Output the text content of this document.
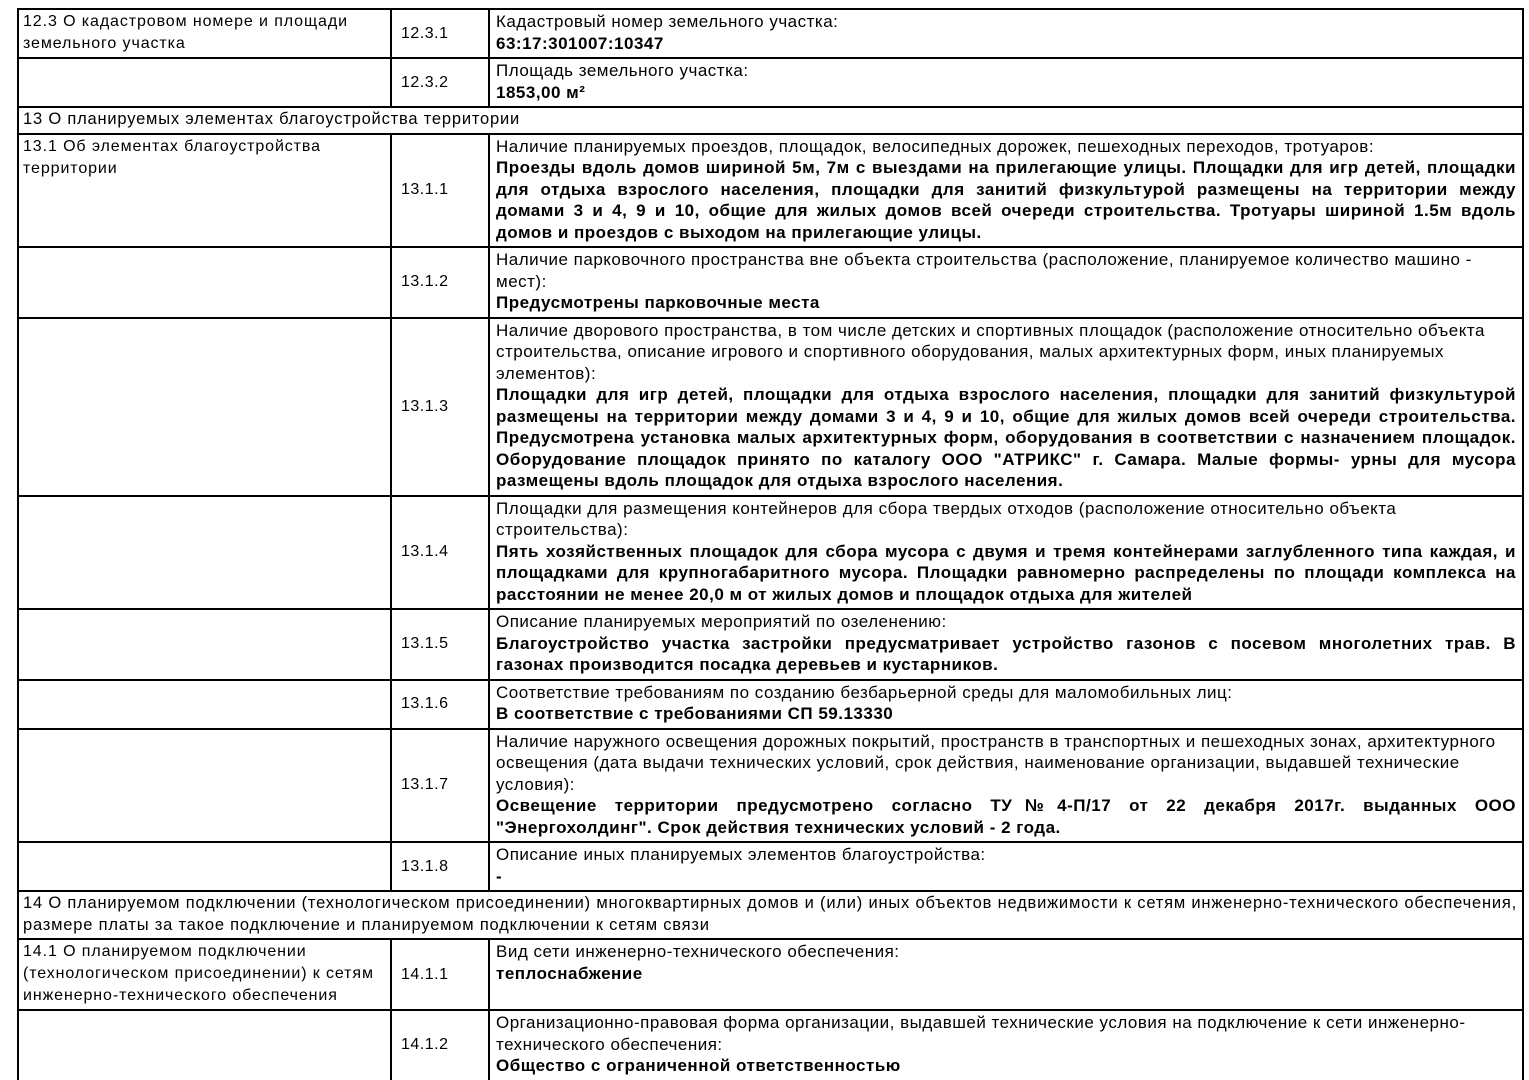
12.3 О кадастровом номере и площади земельного участка	12.3.1	Кадастровый номер земельного участка:
63:17:301007:10347

	12.3.2	Площадь земельного участка:
1853,00 м²

13 О планируемых элементах благоустройства территории		
13.1 Об элементах благоустройства территории	13.1.1	Наличие планируемых проездов, площадок, велосипедных дорожек, пешеходных переходов, тротуаров:
Проезды вдоль домов шириной 5м, 7м с выездами на прилегающие улицы. Площадки для игр детей, площадки для отдыха взрослого населения, площадки для занитий физкультурой размещены на территории между домами 3 и 4, 9 и 10, общие для жилых домов всей очереди строительства. Тротуары шириной 1.5м вдоль домов и проездов с выходом на прилегающие улицы.

	13.1.2	Наличие парковочного пространства вне объекта строительства (расположение, планируемое количество машино - мест):
Предусмотрены парковочные места

	13.1.3	Наличие дворового пространства, в том числе детских и спортивных площадок (расположение относительно объекта строительства, описание игрового и спортивного оборудования, малых архитектурных форм, иных планируемых элементов):
Площадки для игр детей, площадки для отдыха взрослого населения, площадки для занитий физкультурой размещены на территории между домами 3 и 4, 9 и 10, общие для жилых домов всей очереди строительства. Предусмотрена установка малых архитектурных форм, оборудования в соответствии с назначением площадок. Оборудование площадок принято по каталогу ООО "АТРИКС" г. Самара. Малые формы- урны для мусора размещены вдоль площадок для отдыха взрослого населения.

	13.1.4	Площадки для размещения контейнеров для сбора твердых отходов (расположение относительно объекта строительства):
Пять хозяйственных площадок для сбора мусора с двумя и тремя контейнерами заглубленного типа каждая, и площадками для крупногабаритного мусора. Площадки равномерно распределены по площади комплекса на расстоянии не менее 20,0 м от жилых домов и площадок отдыха для жителей

	13.1.5	Описание планируемых мероприятий по озеленению:
Благоустройство участка застройки предусматривает устройство газонов с посевом многолетних трав. В газонах производится посадка деревьев и кустарников.

	13.1.6	Соответствие требованиям по созданию безбарьерной среды для маломобильных лиц:
В соответствие с требованиями СП 59.13330

	13.1.7	Наличие наружного освещения дорожных покрытий, пространств в транспортных и пешеходных зонах, архитектурного освещения (дата выдачи технических условий, срок действия, наименование организации, выдавшей технические условия):
Освещение территории предусмотрено согласно ТУ№4-П/17 от 22 декабря 2017г. выданных ООО "Энергохолдинг". Срок действия технических условий - 2 года.

	13.1.8	Описание иных планируемых элементов благоустройства:
-

14 О планируемом подключении (технологическом присоединении) многоквартирных домов и (или) иных объектов недвижимости к сетям инженерно-технического обеспечения, размере платы за такое подключение и планируемом подключении к сетям связи		
14.1 О планируемом подключении (технологическом присоединении) к сетям инженерно-технического обеспечения	14.1.1	Вид сети инженерно-технического обеспечения:
теплоснабжение

	14.1.2	Организационно-правовая форма организации, выдавшей технические условия на подключение к сети инженерно-технического обеспечения:
Общество с ограниченной ответственностью
